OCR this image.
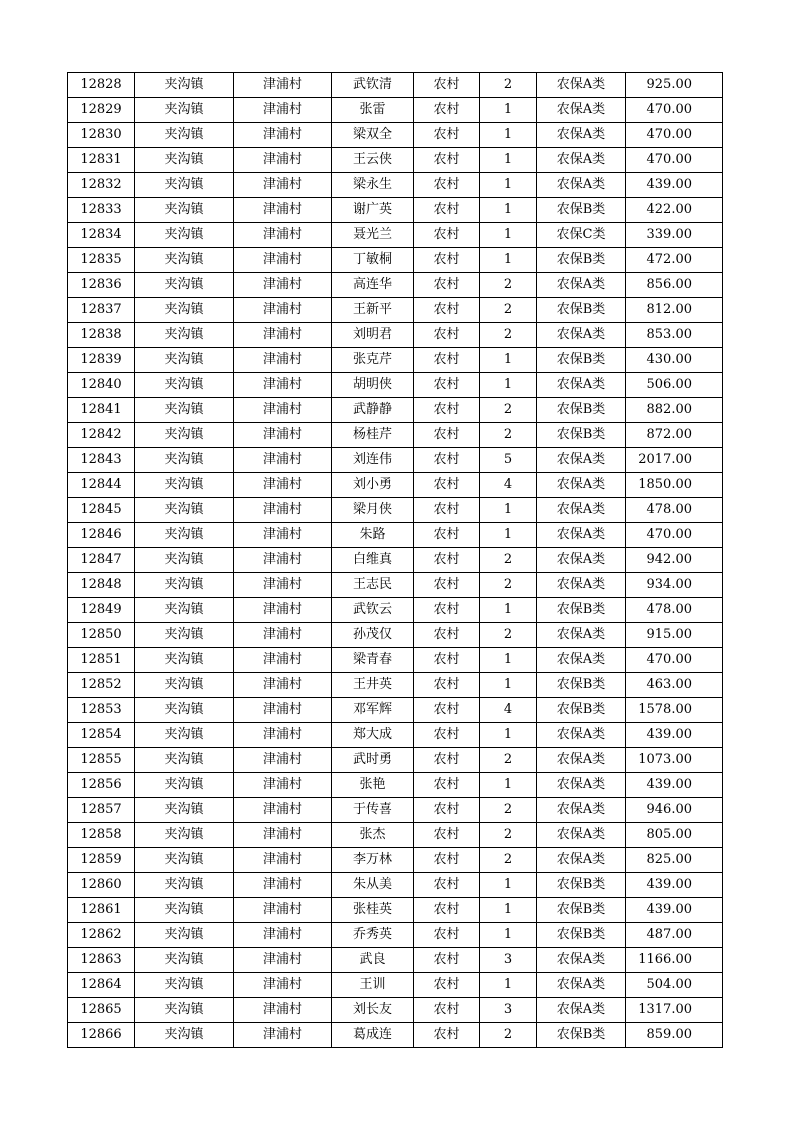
12828	夹沟镇	津浦村	武钦清	农村	2	农保A类	925.00
12829	夹沟镇	津浦村	张雷	农村	1	农保A类	470.00
12830	夹沟镇	津浦村	梁双全	农村	1	农保A类	470.00
12831	夹沟镇	津浦村	王云侠	农村	1	农保A类	470.00
12832	夹沟镇	津浦村	梁永生	农村	1	农保A类	439.00
12833	夹沟镇	津浦村	谢广英	农村	1	农保B类	422.00
12834	夹沟镇	津浦村	聂光兰	农村	1	农保C类	339.00
12835	夹沟镇	津浦村	丁敏桐	农村	1	农保B类	472.00
12836	夹沟镇	津浦村	高连华	农村	2	农保A类	856.00
12837	夹沟镇	津浦村	王新平	农村	2	农保B类	812.00
12838	夹沟镇	津浦村	刘明君	农村	2	农保A类	853.00
12839	夹沟镇	津浦村	张克芹	农村	1	农保B类	430.00
12840	夹沟镇	津浦村	胡明侠	农村	1	农保A类	506.00
12841	夹沟镇	津浦村	武静静	农村	2	农保B类	882.00
12842	夹沟镇	津浦村	杨桂芹	农村	2	农保B类	872.00
12843	夹沟镇	津浦村	刘连伟	农村	5	农保A类	2017.00
12844	夹沟镇	津浦村	刘小勇	农村	4	农保A类	1850.00
12845	夹沟镇	津浦村	梁月侠	农村	1	农保A类	478.00
12846	夹沟镇	津浦村	朱路	农村	1	农保A类	470.00
12847	夹沟镇	津浦村	白维真	农村	2	农保A类	942.00
12848	夹沟镇	津浦村	王志民	农村	2	农保A类	934.00
12849	夹沟镇	津浦村	武钦云	农村	1	农保B类	478.00
12850	夹沟镇	津浦村	孙茂仅	农村	2	农保A类	915.00
12851	夹沟镇	津浦村	梁青春	农村	1	农保A类	470.00
12852	夹沟镇	津浦村	王井英	农村	1	农保B类	463.00
12853	夹沟镇	津浦村	邓军辉	农村	4	农保B类	1578.00
12854	夹沟镇	津浦村	郑大成	农村	1	农保A类	439.00
12855	夹沟镇	津浦村	武时勇	农村	2	农保A类	1073.00
12856	夹沟镇	津浦村	张艳	农村	1	农保A类	439.00
12857	夹沟镇	津浦村	于传喜	农村	2	农保A类	946.00
12858	夹沟镇	津浦村	张杰	农村	2	农保A类	805.00
12859	夹沟镇	津浦村	李万林	农村	2	农保A类	825.00
12860	夹沟镇	津浦村	朱从美	农村	1	农保B类	439.00
12861	夹沟镇	津浦村	张桂英	农村	1	农保B类	439.00
12862	夹沟镇	津浦村	乔秀英	农村	1	农保B类	487.00
12863	夹沟镇	津浦村	武良	农村	3	农保A类	1166.00
12864	夹沟镇	津浦村	王训	农村	1	农保A类	504.00
12865	夹沟镇	津浦村	刘长友	农村	3	农保A类	1317.00
12866	夹沟镇	津浦村	葛成连	农村	2	农保B类	859.00
